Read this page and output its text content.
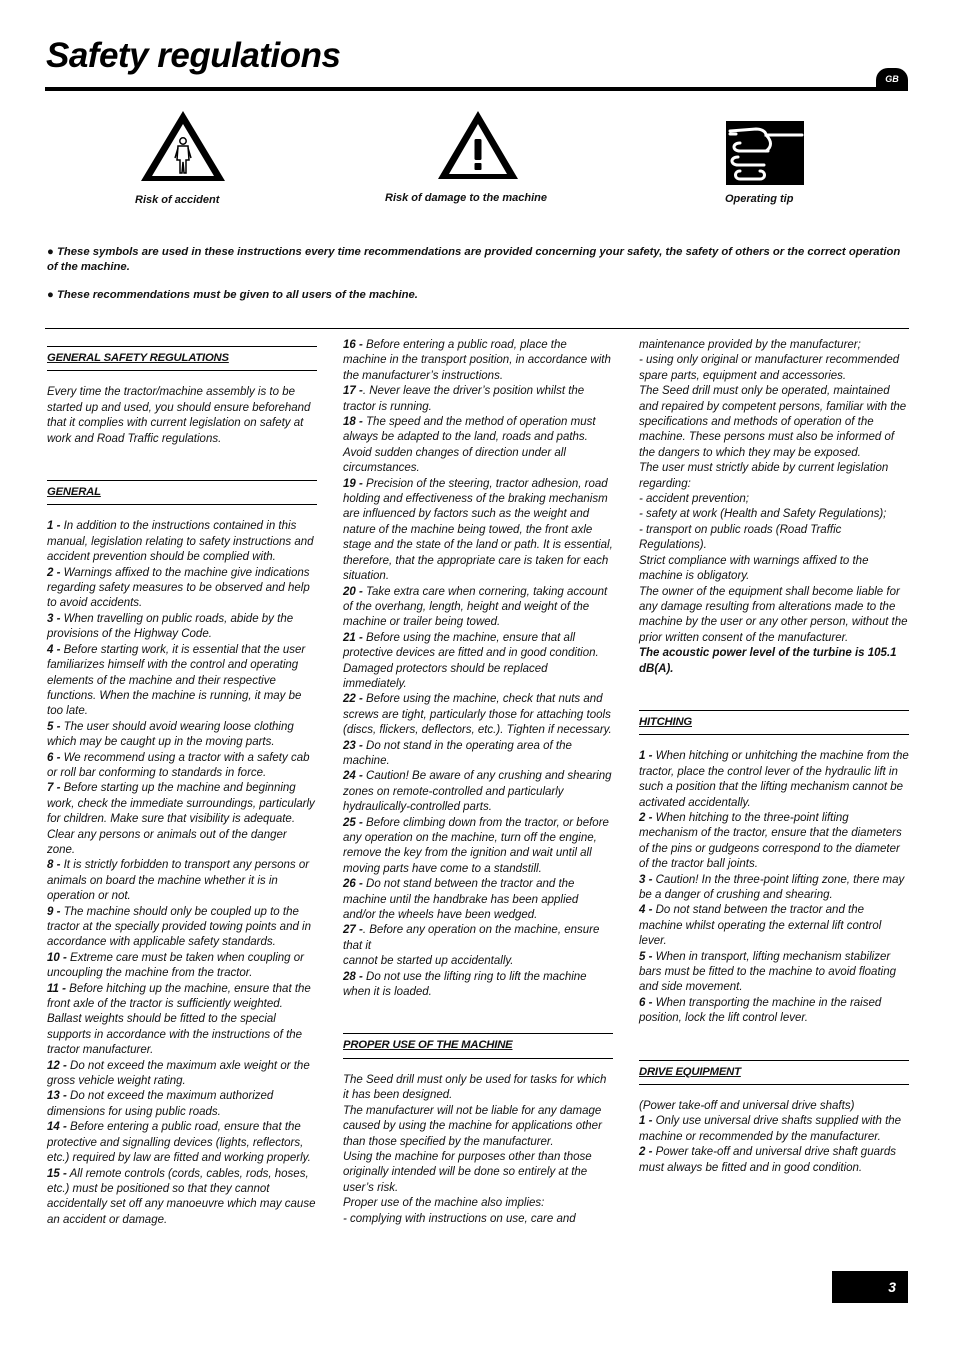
Safety regulations
GB
Risk of accident	Risk of damage to the machine	Operating tip

● These symbols are used in these instructions every time recommendations are provided concerning your safety, the safety of others or the correct operation of the machine.

● These recommendations must be given to all users of the machine.

GENERAL SAFETY REGULATIONS

Every time the tractor/machine assembly is to be started up and used, you should ensure beforehand that it complies with current legislation on safety at work and Road Traffic regulations.

GENERAL

1 - In addition to the instructions contained in this manual, legislation relating to safety instructions and accident prevention should be complied with.

2 - Warnings affixed to the machine give indications regarding safety measures to be observed and help to avoid accidents.

3 - When travelling on public roads, abide by the provisions of the Highway Code.

4 - Before starting work, it is essential that the user familiarizes himself with the control and operating elements of the machine and their respective functions. When the machine is running, it may be too late.

5 - The user should avoid wearing loose clothing which may be caught up in the moving parts.

6 - We recommend using a tractor with a safety cab or roll bar conforming to standards in force.

7 - Before starting up the machine and beginning work, check the immediate surroundings, particularly for children. Make sure that visibility is adequate. Clear any persons or animals out of the danger zone.

8 - It is strictly forbidden to transport any persons or animals on board the machine whether it is in operation or not.

9 - The machine should only be coupled up to the tractor at the specially provided towing points and in accordance with applicable safety standards.

10 - Extreme care must be taken when coupling or uncoupling the machine from the tractor.

11 - Before hitching up the machine, ensure that the front axle of the tractor is sufficiently weighted. Ballast weights should be fitted to the special supports in accordance with the instructions of the tractor manufacturer.

12 - Do not exceed the maximum axle weight or the gross vehicle weight rating.

13 - Do not exceed the maximum authorized dimensions for using public roads.

14 - Before entering a public road, ensure that the protective and signalling devices (lights, reflectors, etc.) required by law are fitted and working properly.

15 - All remote controls (cords, cables, rods, hoses, etc.) must be positioned so that they cannot accidentally set off any manoeuvre which may cause an accident or damage.

16 - Before entering a public road, place the machine in the transport position, in accordance with the manufacturer’s instructions.

17 -. Never leave the driver’s position whilst the tractor is running.

18 - The speed and the method of operation must always be adapted to the land, roads and paths. Avoid sudden changes of direction under all circumstances.

19 - Precision of the steering, tractor adhesion, road holding and effectiveness of the braking mechanism are influenced by factors such as the weight and nature of the machine being towed, the front axle stage and the state of the land or path. It is essential, therefore, that the appropriate care is taken for each situation.

20 - Take extra care when cornering, taking account of the overhang, length, height and weight of the machine or trailer being towed.

21 - Before using the machine, ensure that all protective devices are fitted and in good condition. Damaged protectors should be replaced immediately.

22 - Before using the machine, check that nuts and screws are tight, particularly those for attaching tools (discs, flickers, deflectors, etc.). Tighten if necessary.

23 - Do not stand in the operating area of the machine.

24 - Caution! Be aware of any crushing and shearing zones on remote-controlled and particularly hydraulically-controlled parts.

25 - Before climbing down from the tractor, or before any operation on the machine, turn off the engine, remove the key from the ignition and wait until all moving parts have come to a standstill.

26 - Do not stand between the tractor and the machine until the handbrake has been applied and/or the wheels have been wedged.

27 -. Before any operation on the machine, ensure that it
cannot be started up accidentally.

28 - Do not use the lifting ring to lift the machine when it is loaded.

PROPER USE OF THE MACHINE

The Seed drill must only be used for tasks for which it has been designed.

The manufacturer will not be liable for any damage caused by using the machine for applications other than those specified by the manufacturer.

Using the machine for purposes other than those originally intended will be done so entirely at the user’s risk.

Proper use of the machine also implies:

- complying with instructions on use, care and

maintenance provided by the manufacturer;

- using only original or manufacturer recommended spare parts, equipment and accessories.

The Seed drill must only be operated, maintained and repaired by competent persons, familiar with the specifications and methods of operation of the machine. These persons must also be informed of the dangers to which they may be exposed.

The user must strictly abide by current legislation regarding:

- accident prevention;

- safety at work (Health and Safety Regulations);

- transport on public roads (Road Traffic Regulations).

Strict compliance with warnings affixed to the machine is obligatory.

The owner of the equipment shall become liable for any damage resulting from alterations made to the machine by the user or any other person, without the prior written consent of the manufacturer.

The acoustic power level of the turbine is 105.1 dB(A).

HITCHING

1 - When hitching or unhitching the machine from the tractor, place the control lever of the hydraulic lift in such a position that the lifting mechanism cannot be activated accidentally.

2 - When hitching to the three-point lifting mechanism of the tractor, ensure that the diameters of the pins or gudgeons correspond to the diameter of the tractor ball joints.

3 - Caution! In the three-point lifting zone, there may be a danger of crushing and shearing.

4 - Do not stand between the tractor and the machine whilst operating the external lift control lever.

5 - When in transport, lifting mechanism stabilizer bars must be fitted to the machine to avoid floating and side movement.

6 - When transporting the machine in the raised position, lock the lift control lever.

DRIVE EQUIPMENT

(Power take-off and universal drive shafts)

1 - Only use universal drive shafts supplied with the machine or recommended by the manufacturer.

2 - Power take-off and universal drive shaft guards must always be fitted and in good condition.

3
